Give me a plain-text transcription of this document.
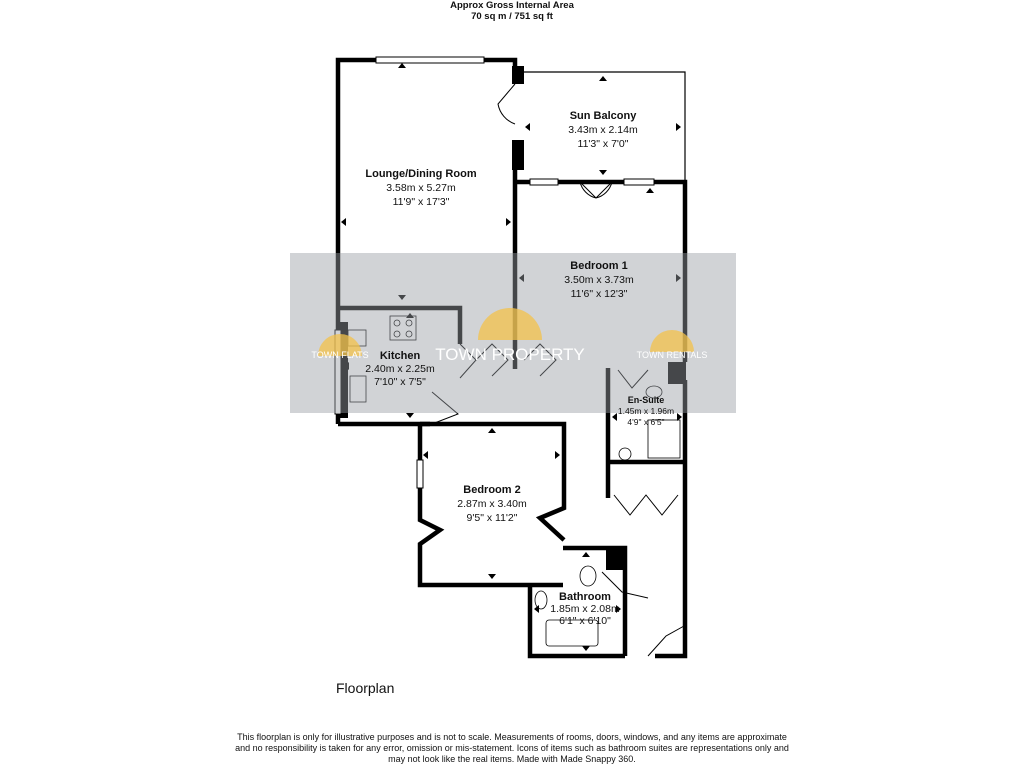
Approx Gross Internal Area
70 sq m / 751 sq ft
TOWN FLATS	TOWN PROPERTY	TOWN RENTALS
Lounge/Dining Room
3.58m x 5.27m
11'9" x 17'3"
Sun Balcony
3.43m x 2.14m
11'3" x 7'0"
Bedroom 1
3.50m x 3.73m
11'6" x 12'3"
Kitchen
2.40m x 2.25m
7'10" x 7'5"
En-Suite
1.45m x 1.96m
4'9" x 6'5"
Bedroom 2
2.87m x 3.40m
9'5" x 11'2"
Bathroom
1.85m x 2.08m
6'1" x 6'10"
Floorplan
This floorplan is only for illustrative purposes and is not to scale. Measurements of rooms, doors, windows, and any items are approximate
and no responsibility is taken for any error, omission or mis-statement. Icons of items such as bathroom suites are representations only and
may not look like the real items. Made with Made Snappy 360.
